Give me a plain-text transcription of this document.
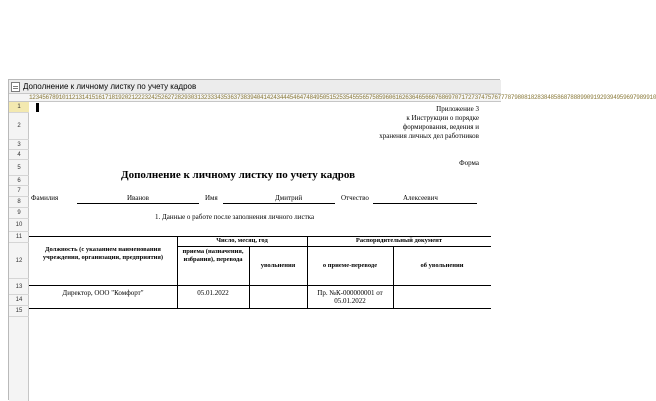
Дополнение к личному листку по учету кадров
1234567891011213141516171819202122232425262728293031323334353637383940414243444546474849505152535455565758596061626364656667686970717273747576777879808182838485868788899091929394959697989910
1
2
3
4
5
6
7
8
9
10
11
12
13
14
15
Приложение 3
к Инструкции о порядке
формирования, ведения и
хранения личных дел работников
Форма
Дополнение к личному листку по учету кадров
Фамилия	Иванов	Имя	Дмитрий	Отчество	Алексеевич
1. Данные о работе после заполнения личного листка
Должность (с указанием наименования учреждения, организации, предприятия)
Число, месяц, год
приема (назначения, избрания), перевода
увольнения
Распорядительный документ
о приеме-переводе	об увольнении
Директор, ООО "Комфорт"	05.01.2022	Пр. №К-000000001 от
05.01.2022
